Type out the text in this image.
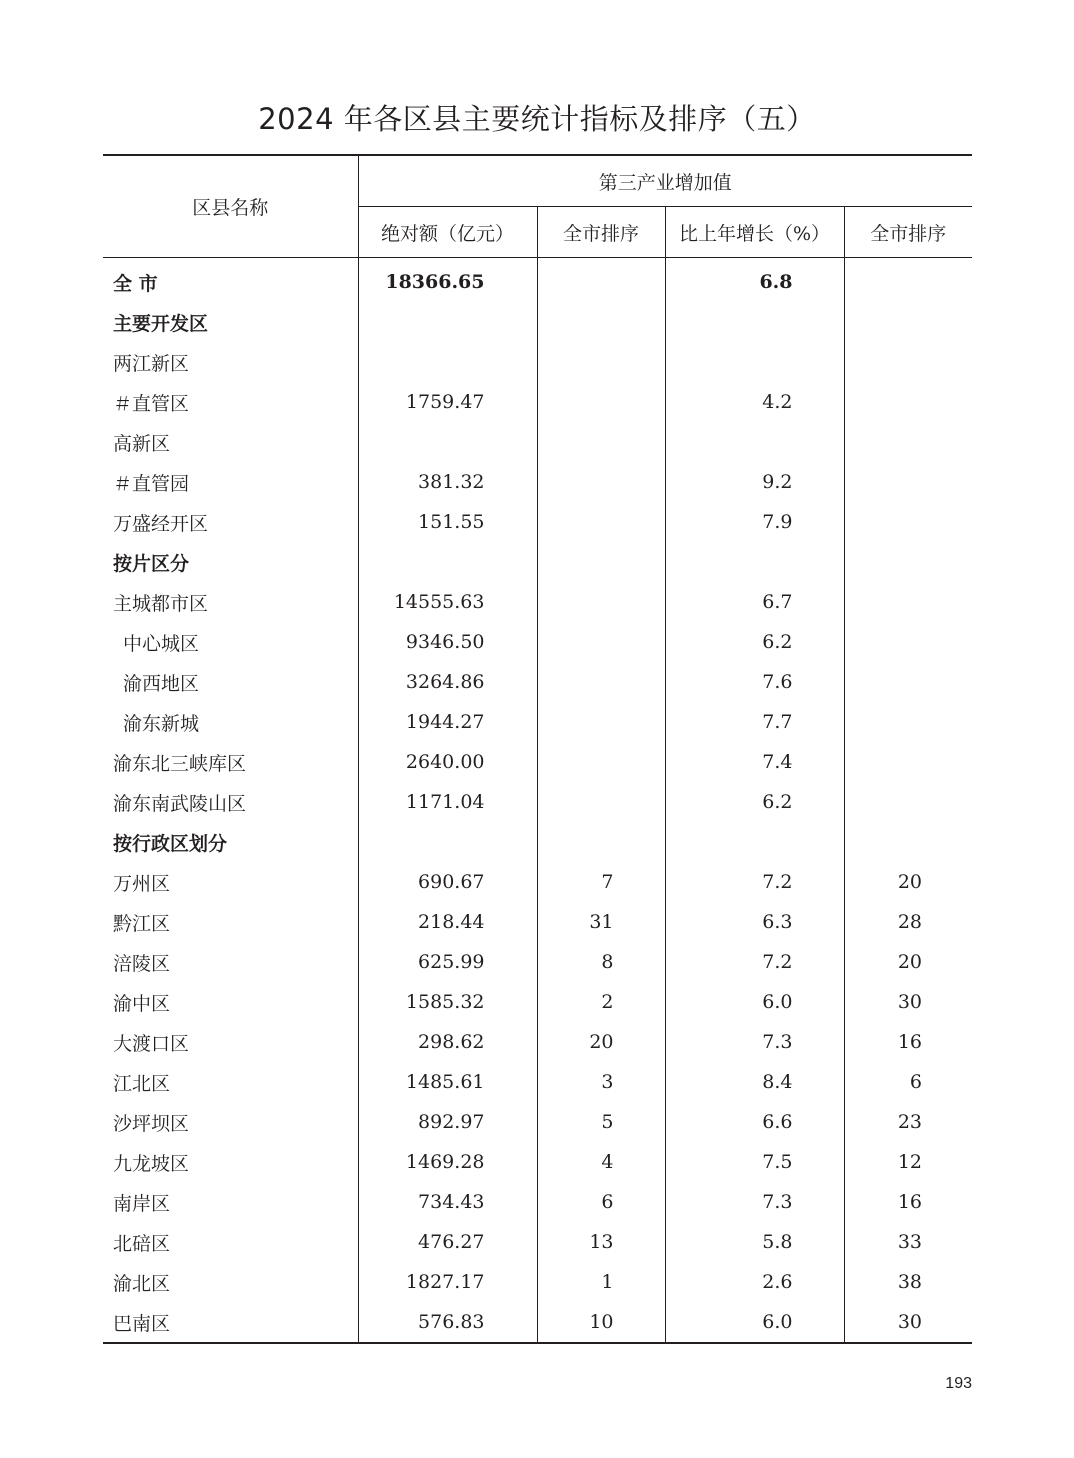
2024 年各区县主要统计指标及排序（五）
区县名称	第三产业增加值			
	绝对额（亿元）	全市排序	比上年增长（%）	全市排序
全 市	18366.65		6.8	
主要开发区				
两江新区				
＃直管区	1759.47		4.2	
高新区				
＃直管园	381.32		9.2	
万盛经开区	151.55		7.9	
按片区分				
主城都市区	14555.63		6.7	
中心城区	9346.50		6.2	
渝西地区	3264.86		7.6	
渝东新城	1944.27		7.7	
渝东北三峡库区	2640.00		7.4	
渝东南武陵山区	1171.04		6.2	
按行政区划分				
万州区	690.67	7	7.2	20
黔江区	218.44	31	6.3	28
涪陵区	625.99	8	7.2	20
渝中区	1585.32	2	6.0	30
大渡口区	298.62	20	7.3	16
江北区	1485.61	3	8.4	6
沙坪坝区	892.97	5	6.6	23
九龙坡区	1469.28	4	7.5	12
南岸区	734.43	6	7.3	16
北碚区	476.27	13	5.8	33
渝北区	1827.17	1	2.6	38
巴南区	576.83	10	6.0	30
193
